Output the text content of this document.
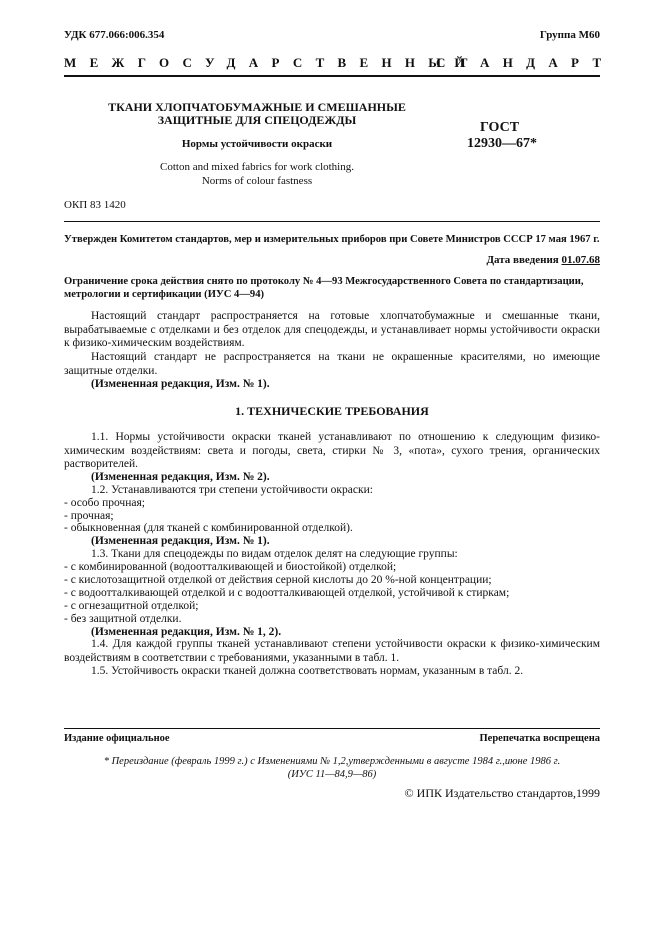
УДК 677.066:006.354	Группа М60
МЕЖГОСУДАРСТВЕННЫЙ
СТАНДАРТ
ТКАНИ ХЛОПЧАТОБУМАЖНЫЕ И СМЕШАННЫЕ
ЗАЩИТНЫЕ ДЛЯ СПЕЦОДЕЖДЫ
Нормы устойчивости окраски
Cotton and mixed fabrics for work clothing.
Norms of colour fastness
ГОСТ
12930—67*
ОКП 83 1420
Утвержден Комитетом стандартов, мер и измерительных приборов при Совете Министров СССР 17 мая 1967 г.
Дата введения 01.07.68
Ограничение срока действия снято по протоколу № 4—93 Межгосударственного Совета по стандартизации,
метрологии и сертификации (ИУС 4—94)
Настоящий стандарт распространяется на готовые хлопчатобумажные и смешанные ткани, вырабатываемые с отделками и без отделок для спецодежды, и устанавливает нормы устойчивости окраски к физико-химическим воздействиям.
Настоящий стандарт не распространяется на ткани не окрашенные красителями, но имеющие защитные отделки.
(Измененная редакция, Изм. № 1).
1. ТЕХНИЧЕСКИЕ ТРЕБОВАНИЯ
1.1. Нормы устойчивости окраски тканей устанавливают по отношению к следующим физико-химическим воздействиям: света и погоды, света, стирки № 3, «пота», сухого трения, органических растворителей.
(Измененная редакция, Изм. № 2).
1.2. Устанавливаются три степени устойчивости окраски:
- особо прочная;
- прочная;
- обыкновенная (для тканей с комбинированной отделкой).
(Измененная редакция, Изм. № 1).
1.3. Ткани для спецодежды по видам отделок делят на следующие группы:
- с комбинированной (водоотталкивающей и биостойкой) отделкой;
- с кислотозащитной отделкой от действия серной кислоты до 20 %-ной концентрации;
- с водоотталкивающей отделкой и с водоотталкивающей отделкой, устойчивой к стиркам;
- с огнезащитной отделкой;
- без защитной отделки.
(Измененная редакция, Изм. № 1, 2).
1.4. Для каждой группы тканей устанавливают степени устойчивости окраски к физико-химическим воздействиям в соответствии с требованиями, указанными в табл. 1.
1.5. Устойчивость окраски тканей должна соответствовать нормам, указанным в табл. 2.
Издание официальное	Перепечатка воспрещена
* Переиздание (февраль 1999 г.) с Изменениями № 1,2,утвержденными в августе 1984 г.,июне 1986 г.
(ИУС 11—84,9—86)
© ИПК Издательство стандартов,1999
